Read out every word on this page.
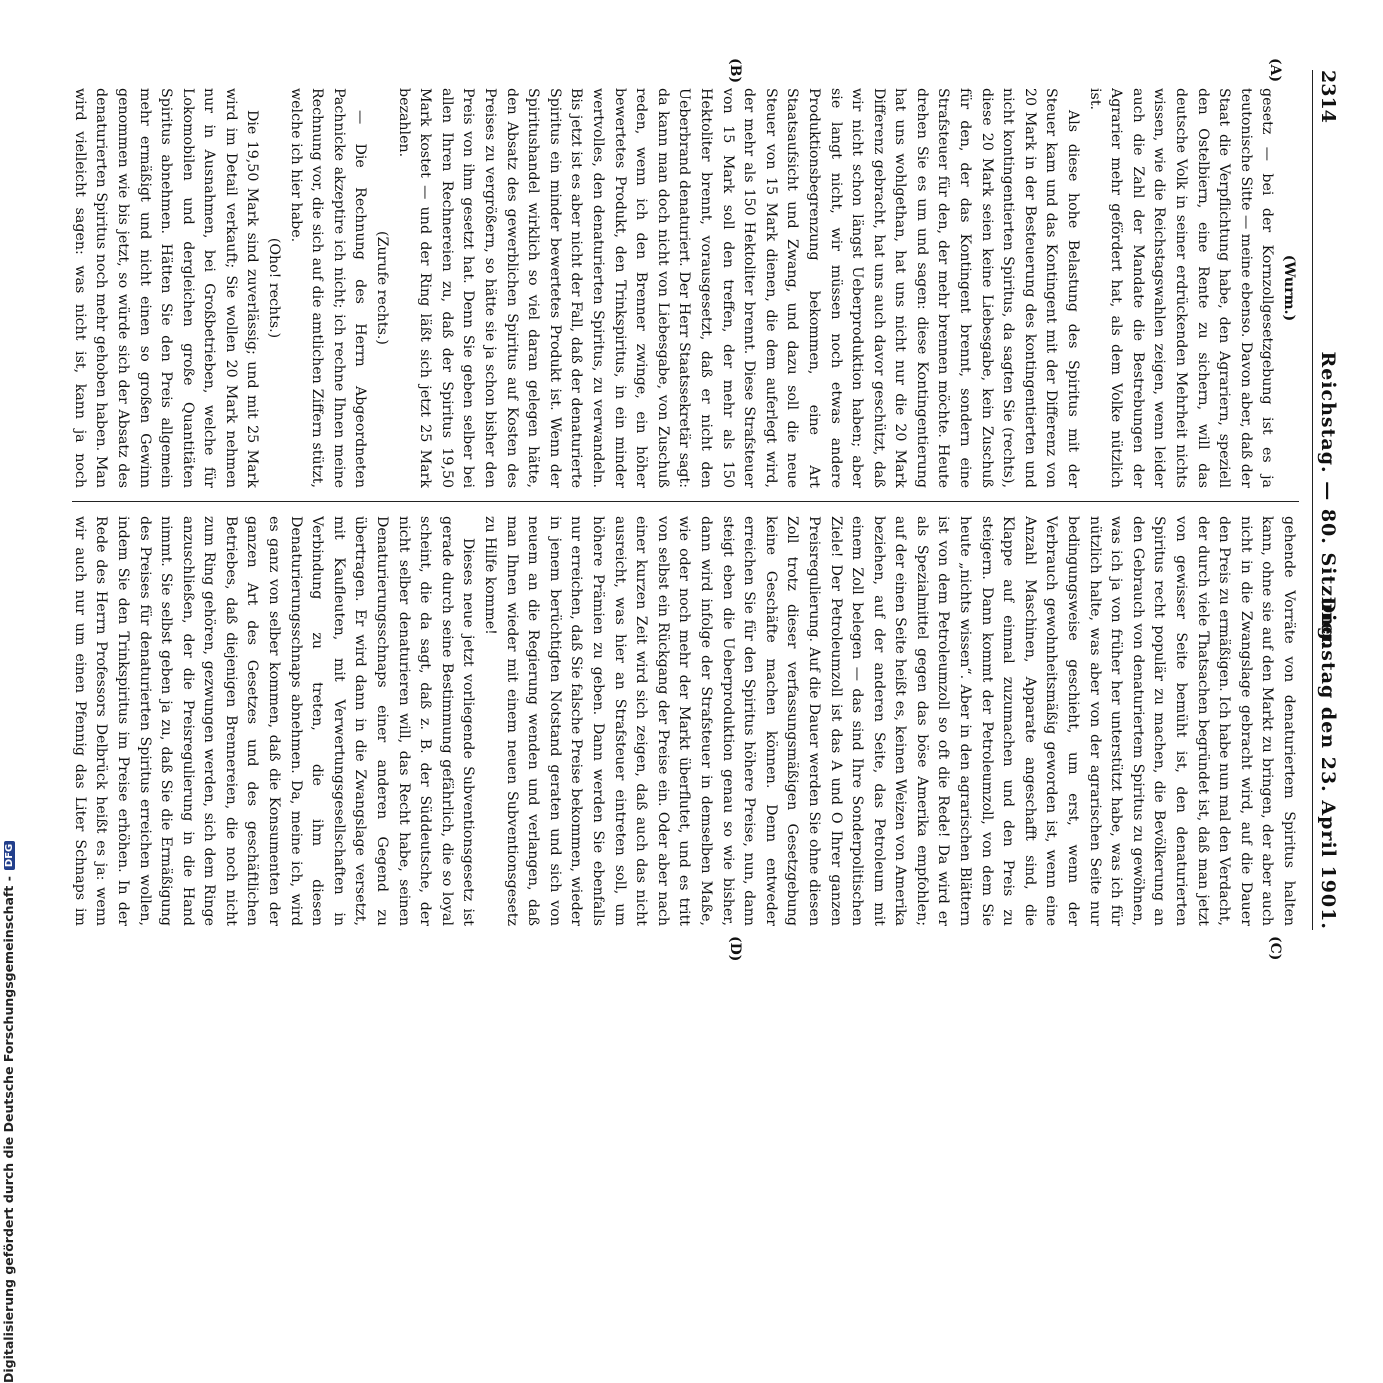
2314
Reichstag. — 80. Sitzung.
Dienstag den 23. April 1901.
(A)
(B)
(C)
(D)

(Wurm.)

gesetz — bei der Kornzollgesetzgebung ist es ja teutonische Sitte — meine ebenso. Davon aber, daß der Staat die Verpflichtung habe, den Agrariern, speziell den Ostelbiern, eine Rente zu sichern, will das deutsche Volk in seiner erdrückenden Mehrheit nichts wissen, wie die Reichstagswahlen zeigen, wenn leider auch die Zahl der Mandate die Bestrebungen der Agrarier mehr gefördert hat, als dem Volke nützlich ist.

Als diese hohe Belastung des Spiritus mit der Steuer kam und das Kontingent mit der Differenz von 20 Mark in der Besteuerung des kontingentierten und nicht kontingentierten Spiritus, da sagten Sie (rechts), diese 20 Mark seien keine Liebesgabe, kein Zuschuß für den, der das Kontingent brennt, sondern eine Strafsteuer für den, der mehr brennen möchte. Heute drehen Sie es um und sagen: diese Kontingentierung hat uns wohlgethan, hat uns nicht nur die 20 Mark Differenz gebracht, hat uns auch davor geschützt, daß wir nicht schon längst Ueberproduktion haben; aber sie langt nicht, wir müssen noch etwas andere Produktionsbegrenzung bekommen, eine Art Staatsaufsicht und Zwang, und dazu soll die neue Steuer von 15 Mark dienen, die dem auferlegt wird, der mehr als 150 Hektoliter brennt. Diese Strafsteuer von 15 Mark soll den treffen, der mehr als 150 Hektoliter brennt, vorausgesetzt, daß er nicht den Ueberbrand denaturiert. Der Herr Staatssekretär sagt: da kann man doch nicht von Liebesgabe, von Zuschuß reden, wenn ich den Brenner zwinge, ein höher bewertetes Produkt, den Trinkspiritus, in ein minder wertvolles, den denaturierten Spiritus, zu verwandeln. Bis jetzt ist es aber nicht der Fall, daß der denaturierte Spiritus ein minder bewertetes Produkt ist. Wenn der Spiritushandel wirklich so viel daran gelegen hätte, den Absatz des gewerblichen Spiritus auf Kosten des Preises zu vergrößern, so hätte sie ja schon bisher den Preis von ihm gesetzt hat. Denn Sie geben selber bei allen Ihren Rechnereien zu, daß der Spiritus 19,50 Mark kostet — und der Ring läßt sich jetzt 25 Mark bezahlen.

(Zurufe rechts.)

— Die Rechnung des Herrn Abgeordneten Pachnicke akzeptire ich nicht; ich rechne Ihnen meine Rechnung vor, die sich auf die amtlichen Ziffern stützt, welche ich hier habe.

(Oho! rechts.)

Die 19,50 Mark sind zuverlässig; und mit 25 Mark wird im Detail verkauft; Sie wollen 20 Mark nehmen nur in Ausnahmen, bei Großbetrieben, welche für Lokomobilen und dergleichen große Quantitäten Spiritus abnehmen. Hätten Sie den Preis allgemein mehr ermäßigt und nicht einen so großen Gewinn genommen wie bis jetzt, so würde sich der Absatz des denaturierten Spiritus noch mehr gehoben haben. Man wird vielleicht sagen: was nicht ist, kann ja noch

gehende Vorräte von denaturiertem Spiritus halten kann, ohne sie auf den Markt zu bringen, der aber auch nicht in die Zwangslage gebracht wird, auf die Dauer den Preis zu ermäßigen. Ich habe nun mal den Verdacht, der durch viele Thatsachen begründet ist, daß man jetzt von gewisser Seite bemüht ist, den denaturierten Spiritus recht populär zu machen, die Bevölkerung an den Gebrauch von denaturiertem Spiritus zu gewöhnen, was ich ja von früher her unterstützt habe, was ich für nützlich halte, was aber von der agrarischen Seite nur bedingungsweise geschieht, um erst, wenn der Verbrauch gewohnheitsmäßig geworden ist, wenn eine Anzahl Maschinen, Apparate angeschafft sind, die Klappe auf einmal zuzumachen und den Preis zu steigern. Dann kommt der Petroleumzoll, von dem Sie heute „nichts wissen“. Aber in den agrarischen Blättern ist von dem Petroleumzoll so oft die Rede! Da wird er als Spezialmittel gegen das böse Amerika empfohlen; auf der einen Seite heißt es, keinen Weizen von Amerika beziehen, auf der anderen Seite, das Petroleum mit einem Zoll belegen — das sind Ihre Sonderpolitischen Ziele! Der Petroleumzoll ist das A und O Ihrer ganzen Preisregulierung. Auf die Dauer werden Sie ohne diesen Zoll trotz dieser verfassungsmäßigen Gesetzgebung keine Geschäfte machen können. Denn entweder erreichen Sie für den Spiritus höhere Preise, nun, dann steigt eben die Ueberproduktion genau so wie bisher, dann wird infolge der Strafsteuer in demselben Maße, wie oder noch mehr der Markt überflutet, und es tritt von selbst ein Rückgang der Preise ein. Oder aber nach einer kurzen Zeit wird sich zeigen, daß auch das nicht ausreicht, was hier an Strafsteuer eintreten soll, um höhere Prämien zu geben. Dann werden Sie ebenfalls nur erreichen, daß Sie falsche Preise bekommen, wieder in jenem berüchtigten Notstand geraten und sich von neuem an die Regierung wenden und verlangen, daß man Ihnen wieder mit einem neuen Subventionsgesetz zu Hilfe komme!

Dieses neue jetzt vorliegende Subventionsgesetz ist gerade durch seine Bestimmung gefährlich, die so loyal scheint, die da sagt, daß z. B. der Süddeutsche, der nicht selber denaturieren will, das Recht habe, seinen Denaturierungsschnaps einer anderen Gegend zu übertragen. Er wird dann in die Zwangslage versetzt, mit Kaufleuten, mit Verwertungsgesellschaften in Verbindung zu treten, die ihm diesen Denaturierungsschnaps abnehmen. Da, meine ich, wird es ganz von selber kommen, daß die Konsumenten der ganzen Art des Gesetzes und des geschäftlichen Betriebes, daß diejenigen Brennereien, die noch nicht zum Ring gehören, gezwungen werden, sich dem Ringe anzuschließen, der die Preisregulierung in die Hand nimmt. Sie selbst geben ja zu, daß Sie die Ermäßigung des Preises für denaturierten Spiritus erreichen wollen, indem Sie den Trinkspiritus im Preise erhöhen. In der Rede des Herrn Professors Delbrück heißt es ja: wenn wir auch nur um einen Pfennig das Liter Schnaps im

Digitalisierung gefördert durch die Deutsche Forschungsgemeinschaft -DFG
